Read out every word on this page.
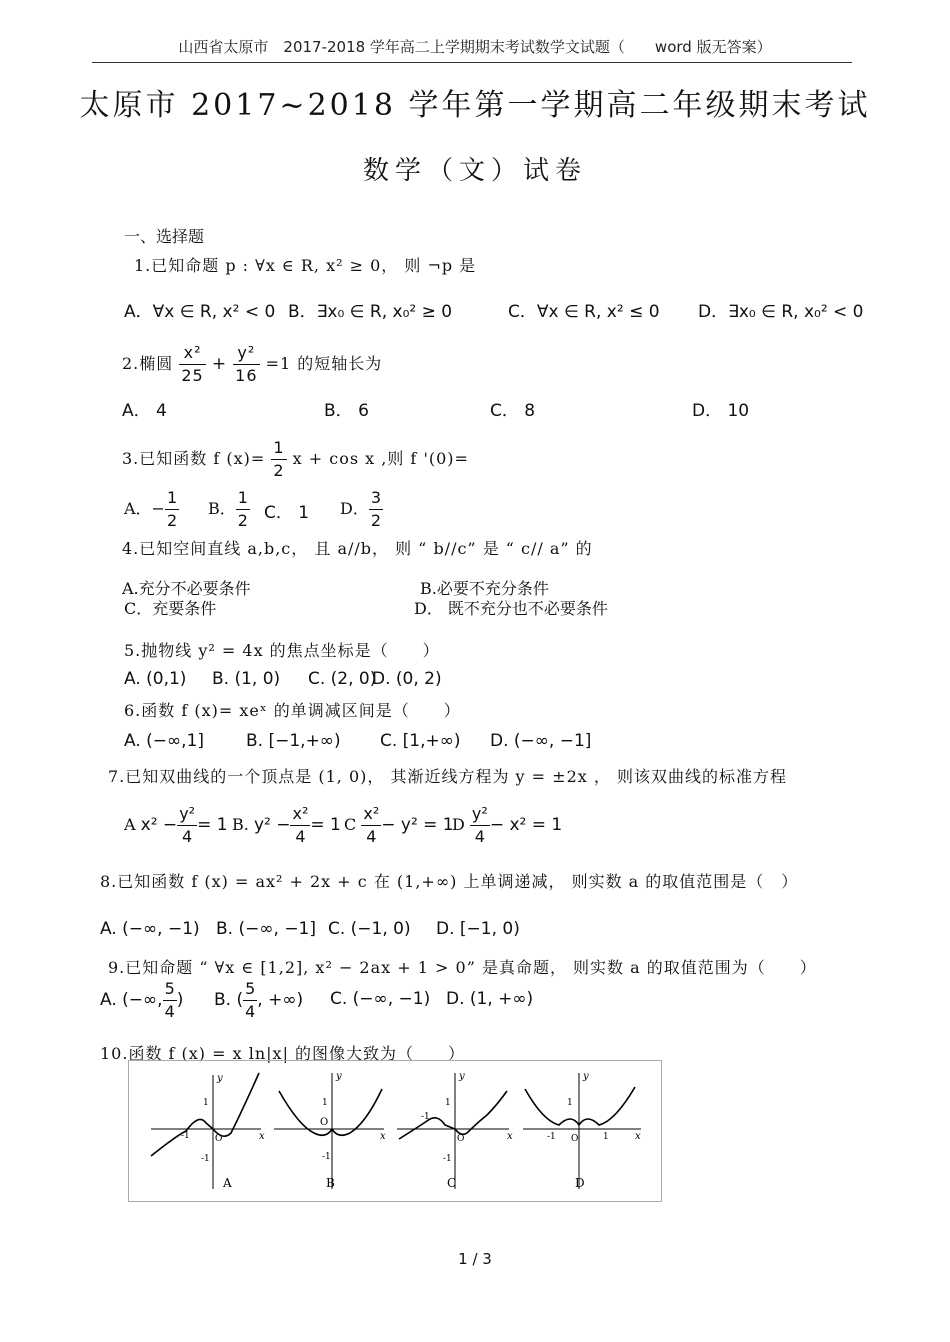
山西省太原市　2017-2018 学年高二上学期期末考试数学文试题（　　word 版无答案）
太原市 2017~2018 学年第一学期高二年级期末考试
数学（文）试卷
一、选择题
1.已知命题 p : ∀x ∈ R, x² ≥ 0， 则 ¬p 是
A．∀x ∈ R, x² < 0 B．∃x₀ ∈ R, x₀² ≥ 0	C．∀x ∈ R, x² ≤ 0 D．∃x₀ ∈ R, x₀² < 0
2.椭圆 $\frac{\text{x²}}{25} + \frac{\text{y²}}{16} =1$ 的短轴长为
A． 4	B． 6	C． 8	D． 10
3.已知函数 f $(x)= \frac{1}{2}$ x + cos x ,则 f '(0)=
A．− $\frac{1}{2}$ B． $\frac{1}{2}$ C． 1 D． $\frac{3}{2}$
4.已知空间直线 a,b,c， 且 a//b， 则 “ b//c” 是 “ c// a” 的
A.充分不必要条件	B.必要不充分条件
C．充要条件	D． 既不充分也不必要条件
5.抛物线 y² = 4x 的焦点坐标是（　　）
A. (0,1) B. (1, 0) C. (2, 0)
D. (0, 2)
6.函数 f (x)= xeˣ 的单调减区间是（　　）
A. (−∞,1] B. [−1,+∞) C. [1,+∞) D. (−∞, −1]
7.已知双曲线的一个顶点是 (1, 0)， 其渐近线方程为 y = ±2x ， 则该双曲线的标准方程
A $x^2 - \frac{\text{y²}}{4} = 1$ B. $y^2 - \frac{\text{x²}}{4} = 1$ C $\frac{\text{x²}}{4} - y^2 = 1$
D $\frac{\text{y²}}{4} - x^2 = 1$
8.已知函数 f (x) = ax² + 2x + c 在 (1,+∞) 上单调递减， 则实数 a 的取值范围是（　）
A. (−∞, −1) B. (−∞, −1] C. (−1, 0) D. [−1, 0)
9.已知命题 “ ∀x ∈ [1,2], x² − 2ax + 1 > 0” 是真命题， 则实数 a 的取值范围为（　　）
A. (−∞, $\frac{5}{4}$ ) B. ( $\frac{5}{4}$ , +∞) C. (−∞, −1) D. (1, +∞)
10.函数 f (x) = x ln|x| 的图像大致为（　　）
y
x
1
-1
-1
O
A
y
x
1
-1
O
B
y
x
1
-1
-1
O
C
y
x
1
-1	1
O
D
1 / 3
